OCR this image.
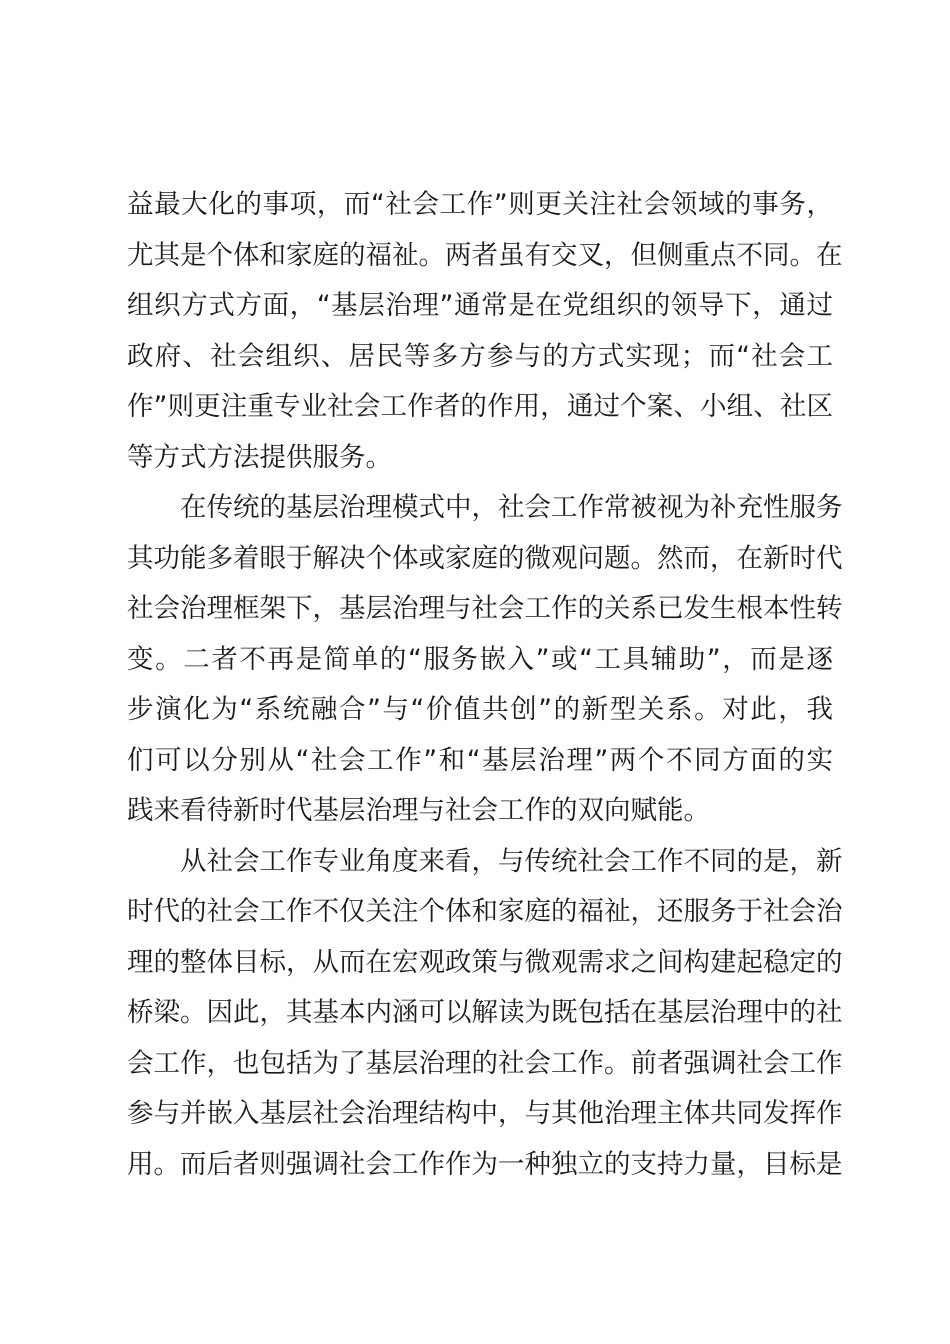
益最大化的事项，而“社会工作”则更关注社会领域的事务，
尤其是个体和家庭的福祉。两者虽有交叉，但侧重点不同。在
组织方式方面，“基层治理”通常是在党组织的领导下，通过
政府、社会组织、居民等多方参与的方式实现；而“社会工
作”则更注重专业社会工作者的作用，通过个案、小组、社区
等方式方法提供服务。
在传统的基层治理模式中，社会工作常被视为补充性服务
其功能多着眼于解决个体或家庭的微观问题。然而，在新时代
社会治理框架下，基层治理与社会工作的关系已发生根本性转
变。二者不再是简单的“服务嵌入”或“工具辅助”，而是逐
步演化为“系统融合”与“价值共创”的新型关系。对此，我
们可以分别从“社会工作”和“基层治理”两个不同方面的实
践来看待新时代基层治理与社会工作的双向赋能。
从社会工作专业角度来看，与传统社会工作不同的是，新
时代的社会工作不仅关注个体和家庭的福祉，还服务于社会治
理的整体目标，从而在宏观政策与微观需求之间构建起稳定的
桥梁。因此，其基本内涵可以解读为既包括在基层治理中的社
会工作，也包括为了基层治理的社会工作。前者强调社会工作
参与并嵌入基层社会治理结构中，与其他治理主体共同发挥作
用。而后者则强调社会工作作为一种独立的支持力量，目标是
